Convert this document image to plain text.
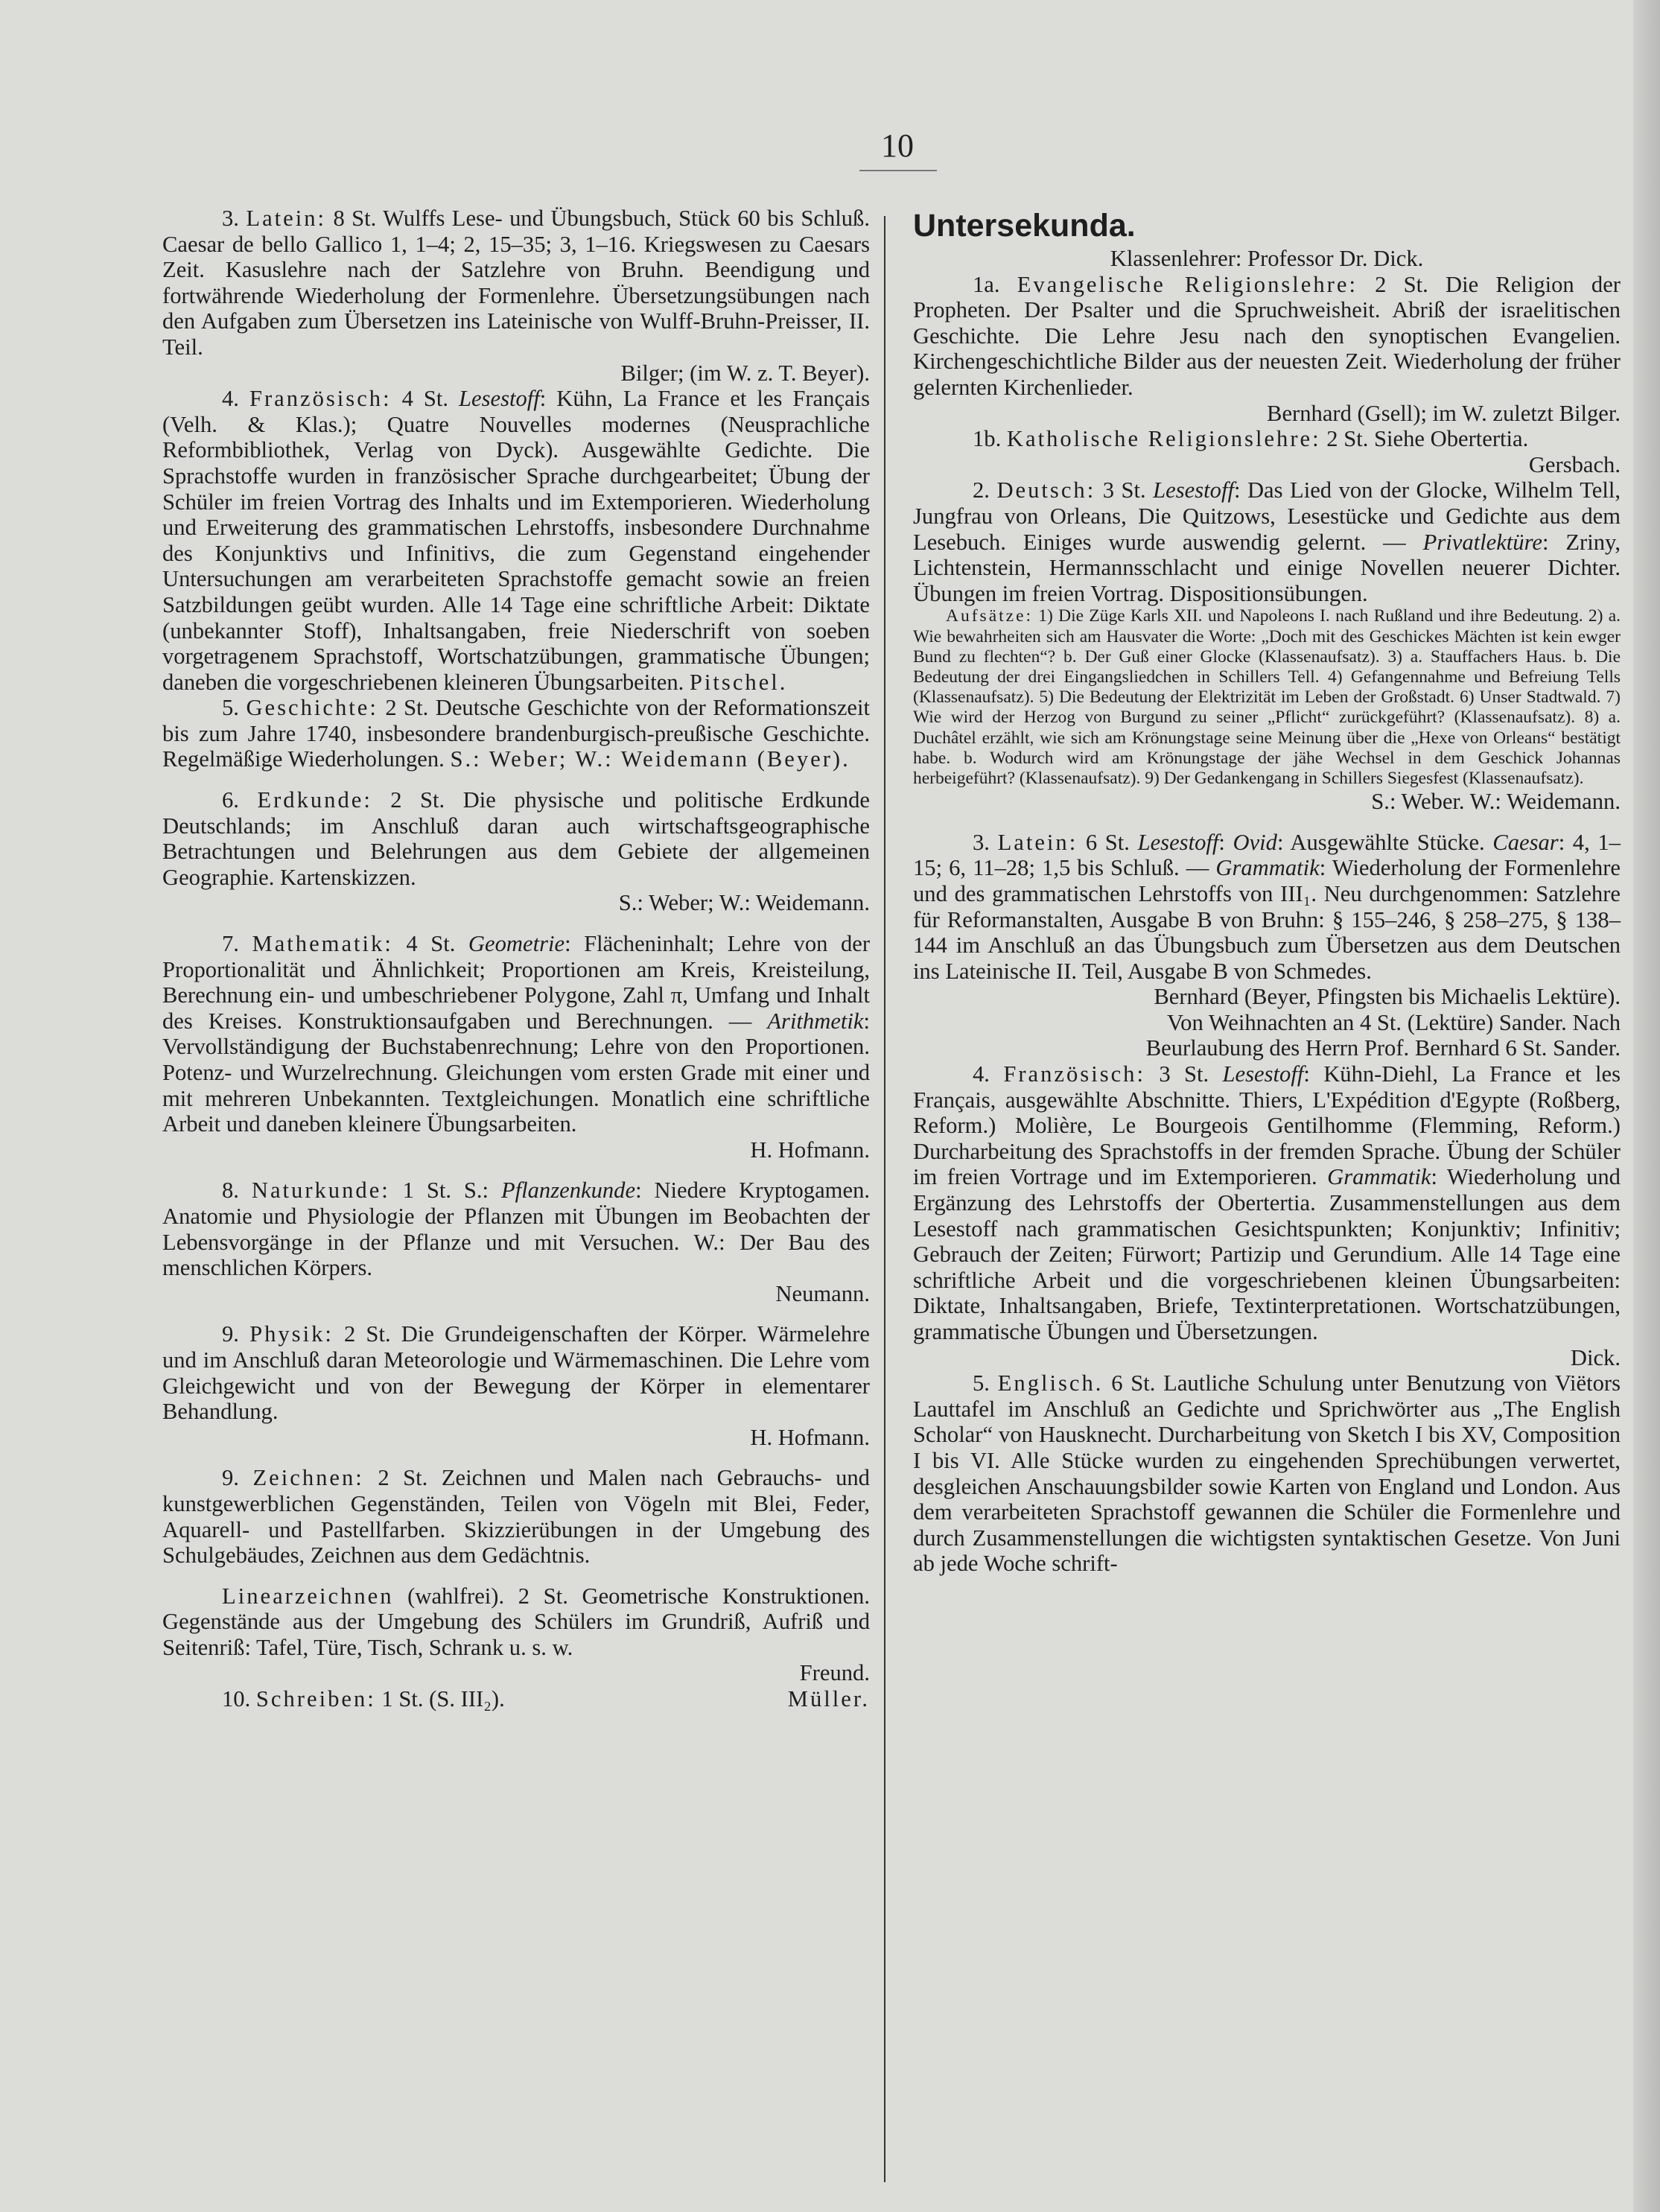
10

3. Latein: 8 St. Wulffs Lese- und Übungsbuch, Stück 60 bis Schluß. Caesar de bello Gallico 1, 1–4; 2, 15–35; 3, 1–16. Kriegswesen zu Caesars Zeit. Kasuslehre nach der Satzlehre von Bruhn. Beendigung und fortwährende Wiederholung der Formenlehre. Übersetzungsübungen nach den Aufgaben zum Übersetzen ins Lateinische von Wulff-Bruhn-Preisser, II. Teil.

Bilger; (im W. z. T. Beyer).

4. Französisch: 4 St. Lesestoff: Kühn, La France et les Français (Velh. & Klas.); Quatre Nouvelles modernes (Neusprachliche Reformbibliothek, Verlag von Dyck). Ausgewählte Gedichte. Die Sprachstoffe wurden in französischer Sprache durchgearbeitet; Übung der Schüler im freien Vortrag des Inhalts und im Extemporieren. Wiederholung und Erweiterung des grammatischen Lehrstoffs, insbesondere Durchnahme des Konjunktivs und Infinitivs, die zum Gegenstand eingehender Untersuchungen am verarbeiteten Sprachstoffe gemacht sowie an freien Satzbildungen geübt wurden. Alle 14 Tage eine schriftliche Arbeit: Diktate (unbekannter Stoff), Inhaltsangaben, freie Niederschrift von soeben vorgetragenem Sprachstoff, Wortschatzübungen, grammatische Übungen; daneben die vorgeschriebenen kleineren Übungsarbeiten. Pitschel.

5. Geschichte: 2 St. Deutsche Geschichte von der Reformationszeit bis zum Jahre 1740, insbesondere brandenburgisch-preußische Geschichte. Regelmäßige Wiederholungen. S.: Weber; W.: Weidemann (Beyer).

6. Erdkunde: 2 St. Die physische und politische Erdkunde Deutschlands; im Anschluß daran auch wirtschaftsgeographische Betrachtungen und Belehrungen aus dem Gebiete der allgemeinen Geographie. Kartenskizzen.

S.: Weber; W.: Weidemann.

7. Mathematik: 4 St. Geometrie: Flächeninhalt; Lehre von der Proportionalität und Ähnlichkeit; Proportionen am Kreis, Kreisteilung, Berechnung ein- und umbeschriebener Polygone, Zahl π, Umfang und Inhalt des Kreises. Konstruktionsaufgaben und Berechnungen. — Arithmetik: Vervollständigung der Buchstabenrechnung; Lehre von den Proportionen. Potenz- und Wurzelrechnung. Gleichungen vom ersten Grade mit einer und mit mehreren Unbekannten. Textgleichungen. Monatlich eine schriftliche Arbeit und daneben kleinere Übungsarbeiten.

H. Hofmann.

8. Naturkunde: 1 St. S.: Pflanzenkunde: Niedere Kryptogamen. Anatomie und Physiologie der Pflanzen mit Übungen im Beobachten der Lebensvorgänge in der Pflanze und mit Versuchen. W.: Der Bau des menschlichen Körpers.

Neumann.

9. Physik: 2 St. Die Grundeigenschaften der Körper. Wärmelehre und im Anschluß daran Meteorologie und Wärmemaschinen. Die Lehre vom Gleichgewicht und von der Bewegung der Körper in elementarer Behandlung.

H. Hofmann.

9. Zeichnen: 2 St. Zeichnen und Malen nach Gebrauchs- und kunstgewerblichen Gegenständen, Teilen von Vögeln mit Blei, Feder, Aquarell- und Pastellfarben. Skizzierübungen in der Umgebung des Schulgebäudes, Zeichnen aus dem Gedächtnis.

Linearzeichnen (wahlfrei). 2 St. Geometrische Konstruktionen. Gegenstände aus der Umgebung des Schülers im Grundriß, Aufriß und Seitenriß: Tafel, Türe, Tisch, Schrank u. s. w.

Freund.

10. Schreiben: 1 St. (S. III₂).	Müller.

Untersekunda.

Klassenlehrer: Professor Dr. Dick.

1a. Evangelische Religionslehre: 2 St. Die Religion der Propheten. Der Psalter und die Spruchweisheit. Abriß der israelitischen Geschichte. Die Lehre Jesu nach den synoptischen Evangelien. Kirchengeschichtliche Bilder aus der neuesten Zeit. Wiederholung der früher gelernten Kirchenlieder.

Bernhard (Gsell); im W. zuletzt Bilger.

1b. Katholische Religionslehre: 2 St. Siehe Obertertia.

Gersbach.

2. Deutsch: 3 St. Lesestoff: Das Lied von der Glocke, Wilhelm Tell, Jungfrau von Orleans, Die Quitzows, Lesestücke und Gedichte aus dem Lesebuch. Einiges wurde auswendig gelernt. — Privatlektüre: Zriny, Lichtenstein, Hermannsschlacht und einige Novellen neuerer Dichter. Übungen im freien Vortrag. Dispositionsübungen.

Aufsätze: 1) Die Züge Karls XII. und Napoleons I. nach Rußland und ihre Bedeutung. 2) a. Wie bewahrheiten sich am Hausvater die Worte: „Doch mit des Geschickes Mächten ist kein ewger Bund zu flechten“? b. Der Guß einer Glocke (Klassenaufsatz). 3) a. Stauffachers Haus. b. Die Bedeutung der drei Eingangsliedchen in Schillers Tell. 4) Gefangennahme und Befreiung Tells (Klassenaufsatz). 5) Die Bedeutung der Elektrizität im Leben der Großstadt. 6) Unser Stadtwald. 7) Wie wird der Herzog von Burgund zu seiner „Pflicht“ zurückgeführt? (Klassenaufsatz). 8) a. Duchâtel erzählt, wie sich am Krönungstage seine Meinung über die „Hexe von Orleans“ bestätigt habe. b. Wodurch wird am Krönungstage der jähe Wechsel in dem Geschick Johannas herbeigeführt? (Klassenaufsatz). 9) Der Gedankengang in Schillers Siegesfest (Klassenaufsatz).

S.: Weber. W.: Weidemann.

3. Latein: 6 St. Lesestoff: Ovid: Ausgewählte Stücke. Caesar: 4, 1–15; 6, 11–28; 1,5 bis Schluß. — Grammatik: Wiederholung der Formenlehre und des grammatischen Lehrstoffs von III₁. Neu durchgenommen: Satzlehre für Reformanstalten, Ausgabe B von Bruhn: § 155–246, § 258–275, § 138–144 im Anschluß an das Übungsbuch zum Übersetzen aus dem Deutschen ins Lateinische II. Teil, Ausgabe B von Schmedes.

Bernhard (Beyer, Pfingsten bis Michaelis Lektüre).

Von Weihnachten an 4 St. (Lektüre) Sander. Nach

Beurlaubung des Herrn Prof. Bernhard 6 St. Sander.

4. Französisch: 3 St. Lesestoff: Kühn-Diehl, La France et les Français, ausgewählte Abschnitte. Thiers, L'Expédition d'Egypte (Roßberg, Reform.) Molière, Le Bourgeois Gentilhomme (Flemming, Reform.) Durcharbeitung des Sprachstoffs in der fremden Sprache. Übung der Schüler im freien Vortrage und im Extemporieren. Grammatik: Wiederholung und Ergänzung des Lehrstoffs der Obertertia. Zusammenstellungen aus dem Lesestoff nach grammatischen Gesichtspunkten; Konjunktiv; Infinitiv; Gebrauch der Zeiten; Fürwort; Partizip und Gerundium. Alle 14 Tage eine schriftliche Arbeit und die vorgeschriebenen kleinen Übungsarbeiten: Diktate, Inhaltsangaben, Briefe, Textinterpretationen. Wortschatzübungen, grammatische Übungen und Übersetzungen.

Dick.

5. Englisch. 6 St. Lautliche Schulung unter Benutzung von Viëtors Lauttafel im Anschluß an Gedichte und Sprichwörter aus „The English Scholar“ von Hausknecht. Durcharbeitung von Sketch I bis XV, Composition I bis VI. Alle Stücke wurden zu eingehenden Sprechübungen verwertet, desgleichen Anschauungsbilder sowie Karten von England und London. Aus dem verarbeiteten Sprachstoff gewannen die Schüler die Formenlehre und durch Zusammenstellungen die wichtigsten syntaktischen Gesetze. Von Juni ab jede Woche schrift-
